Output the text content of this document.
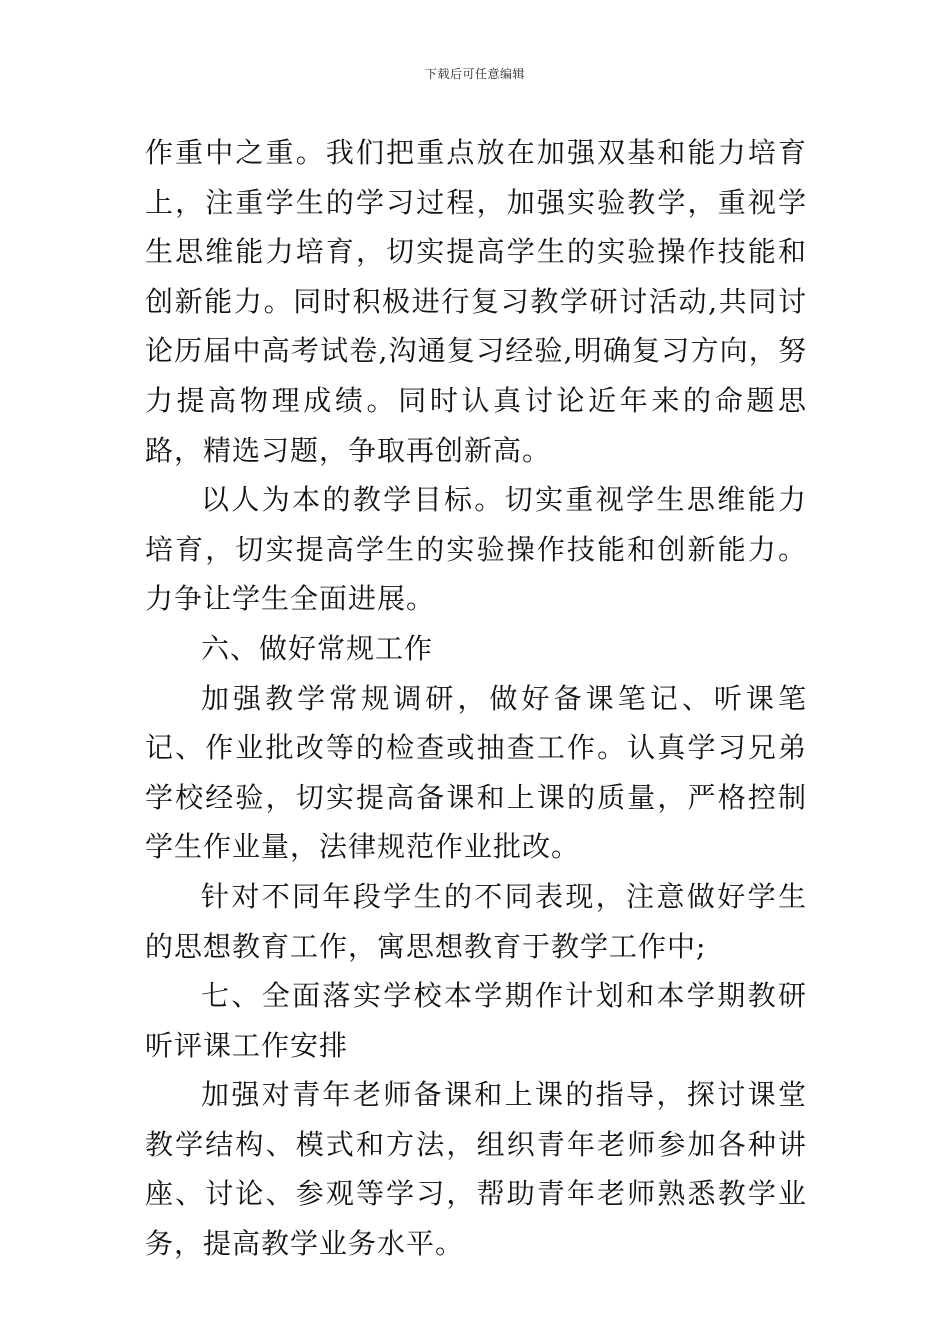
下载后可任意编辑

作重中之重。我们把重点放在加强双基和能力培育上，注重学生的学习过程，加强实验教学，重视学生思维能力培育，切实提高学生的实验操作技能和创新能力。同时积极进行复习教学研讨活动,共同讨论历届中高考试卷,沟通复习经验,明确复习方向，努力提高物理成绩。同时认真讨论近年来的命题思路，精选习题，争取再创新高。

以人为本的教学目标。切实重视学生思维能力培育，切实提高学生的实验操作技能和创新能力。力争让学生全面进展。

六、做好常规工作

加强教学常规调研，做好备课笔记、听课笔记、作业批改等的检查或抽查工作。认真学习兄弟学校经验，切实提高备课和上课的质量，严格控制学生作业量，法律规范作业批改。

针对不同年段学生的不同表现，注意做好学生的思想教育工作，寓思想教育于教学工作中;

七、全面落实学校本学期作计划和本学期教研听评课工作安排

加强对青年老师备课和上课的指导，探讨课堂教学结构、模式和方法，组织青年老师参加各种讲座、讨论、参观等学习，帮助青年老师熟悉教学业务，提高教学业务水平。
